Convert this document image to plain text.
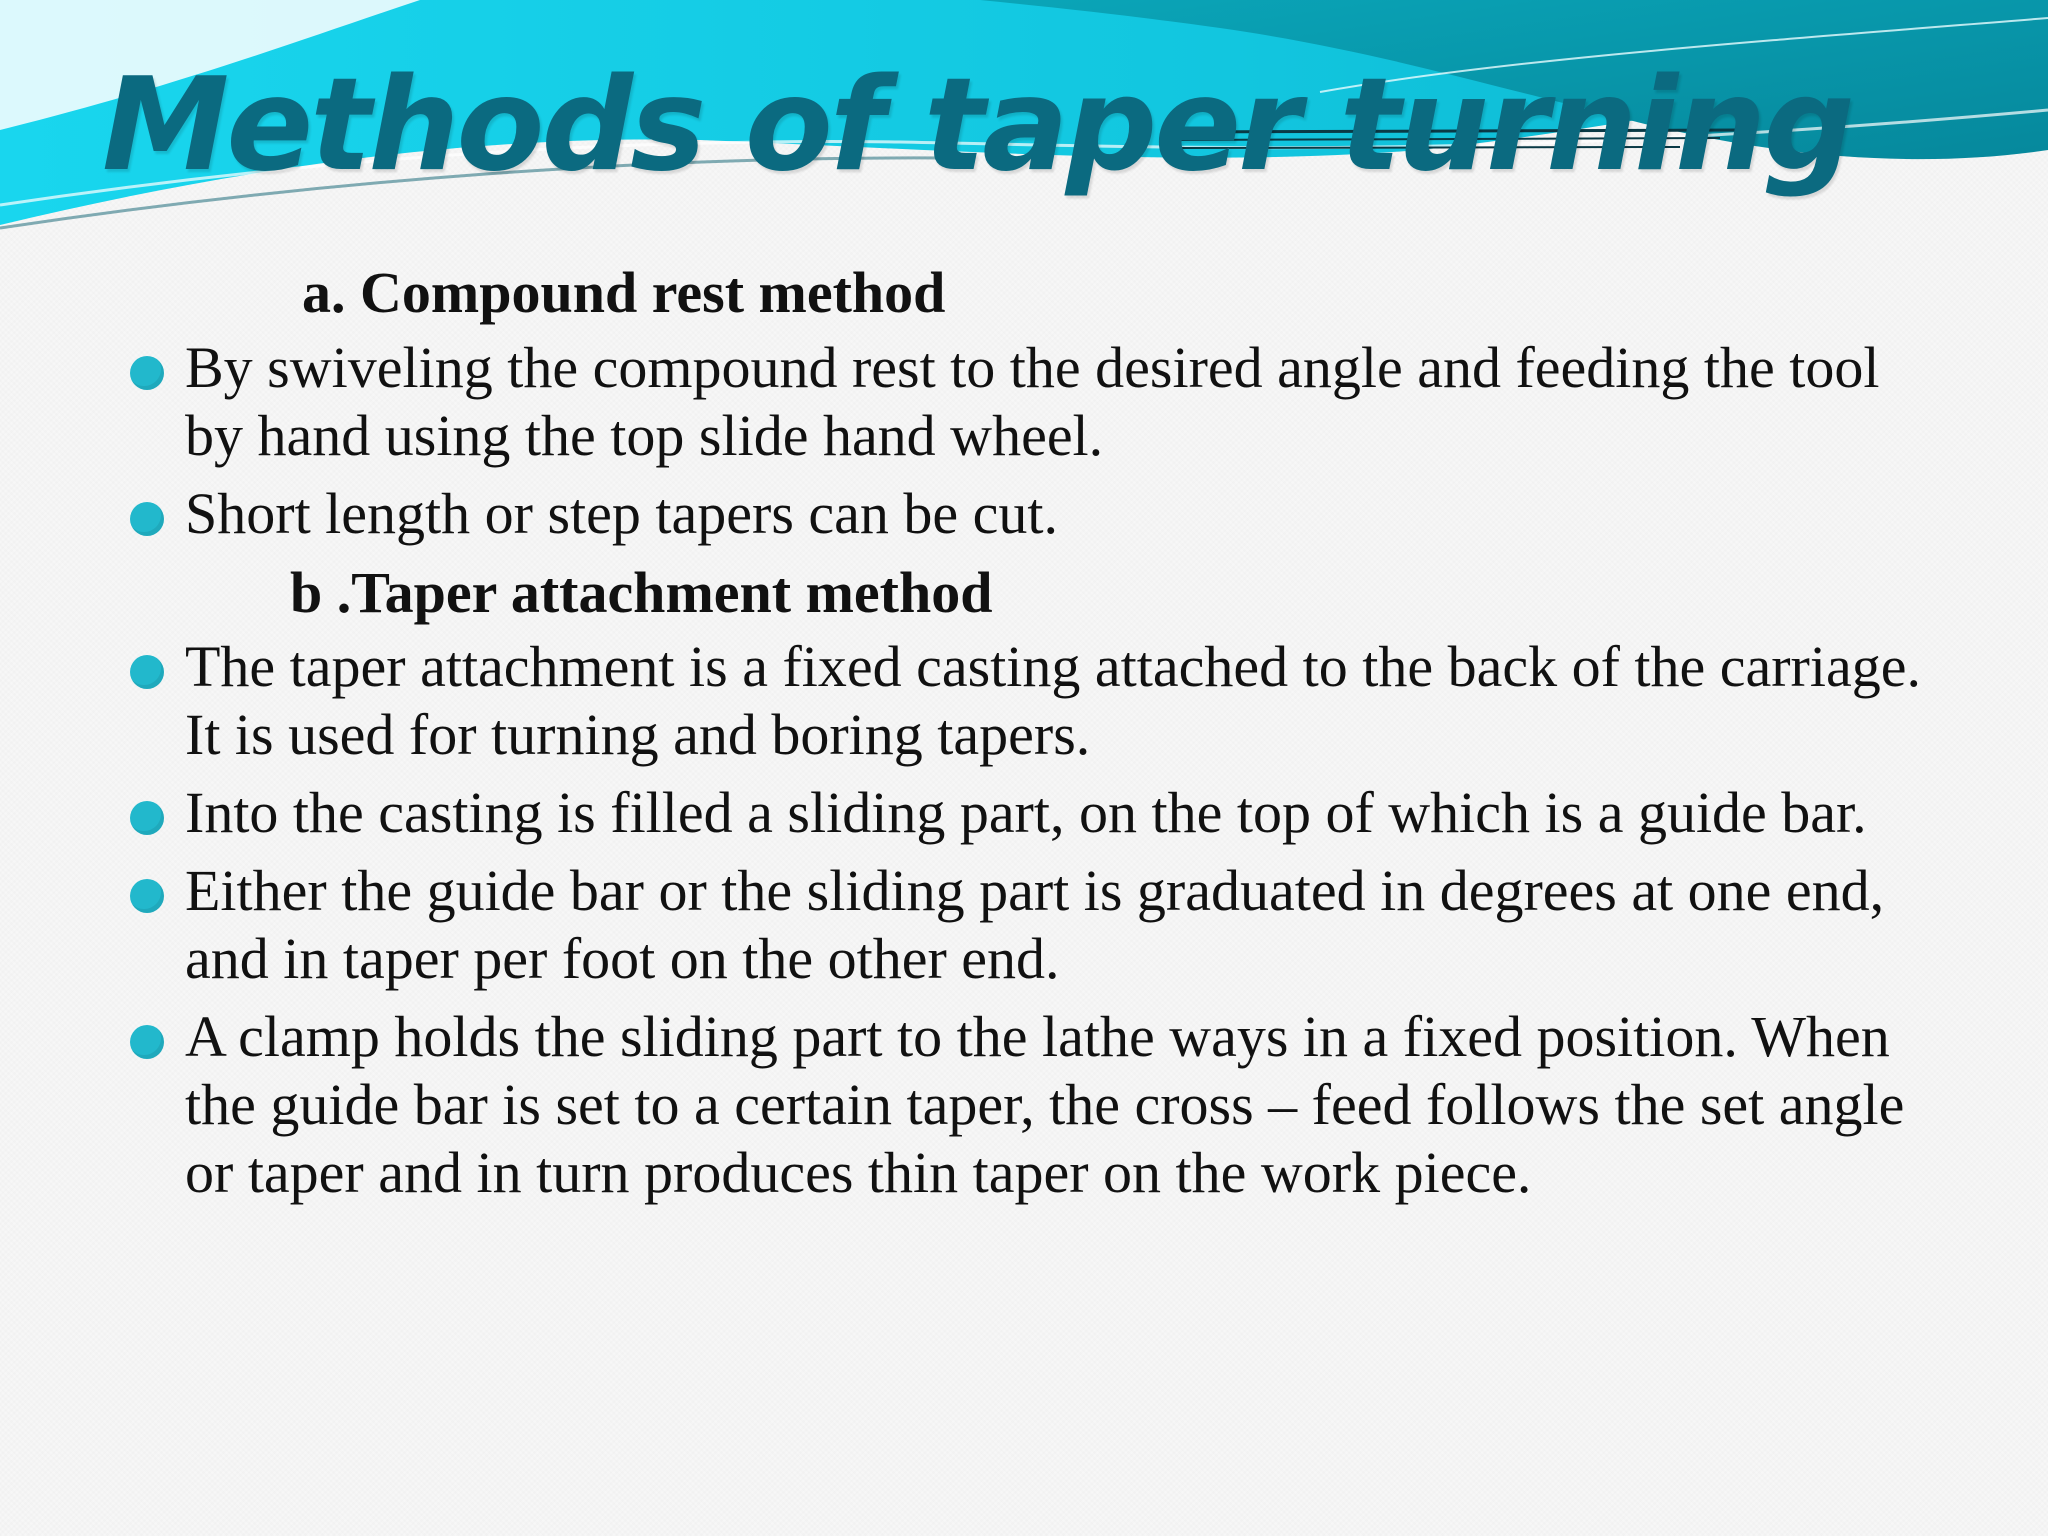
Methods of taper turning
a. Compound rest method
By swiveling the compound rest to the desired angle and feeding the tool by hand using the top slide hand wheel.
Short length or step tapers can be cut.
b .Taper attachment method
The taper attachment is a fixed casting attached to the back of the carriage. It is used for turning and boring tapers.
Into the casting is filled a sliding part, on the top of which is a guide bar.
Either the guide bar or the sliding part is graduated in degrees at one end, and in taper per foot on the other end.
A clamp holds the sliding part to the lathe ways in a fixed position. When the guide bar is set to a certain taper, the cross – feed follows the set angle or taper and in turn produces thin taper on the work piece.
